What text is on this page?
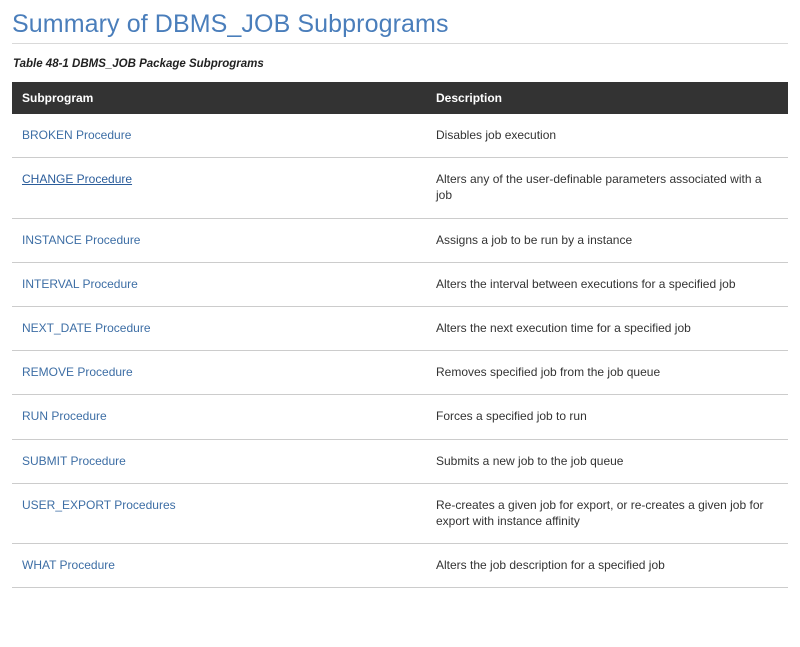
Summary of DBMS_JOB Subprograms
Table 48-1 DBMS_JOB Package Subprograms
Subprogram	Description
BROKEN Procedure	Disables job execution
CHANGE Procedure	Alters any of the user-definable parameters associated with a job
INSTANCE Procedure	Assigns a job to be run by a instance
INTERVAL Procedure	Alters the interval between executions for a specified job
NEXT_DATE Procedure	Alters the next execution time for a specified job
REMOVE Procedure	Removes specified job from the job queue
RUN Procedure	Forces a specified job to run
SUBMIT Procedure	Submits a new job to the job queue
USER_EXPORT Procedures	Re-creates a given job for export, or re-creates a given job for export with instance affinity
WHAT Procedure	Alters the job description for a specified job
